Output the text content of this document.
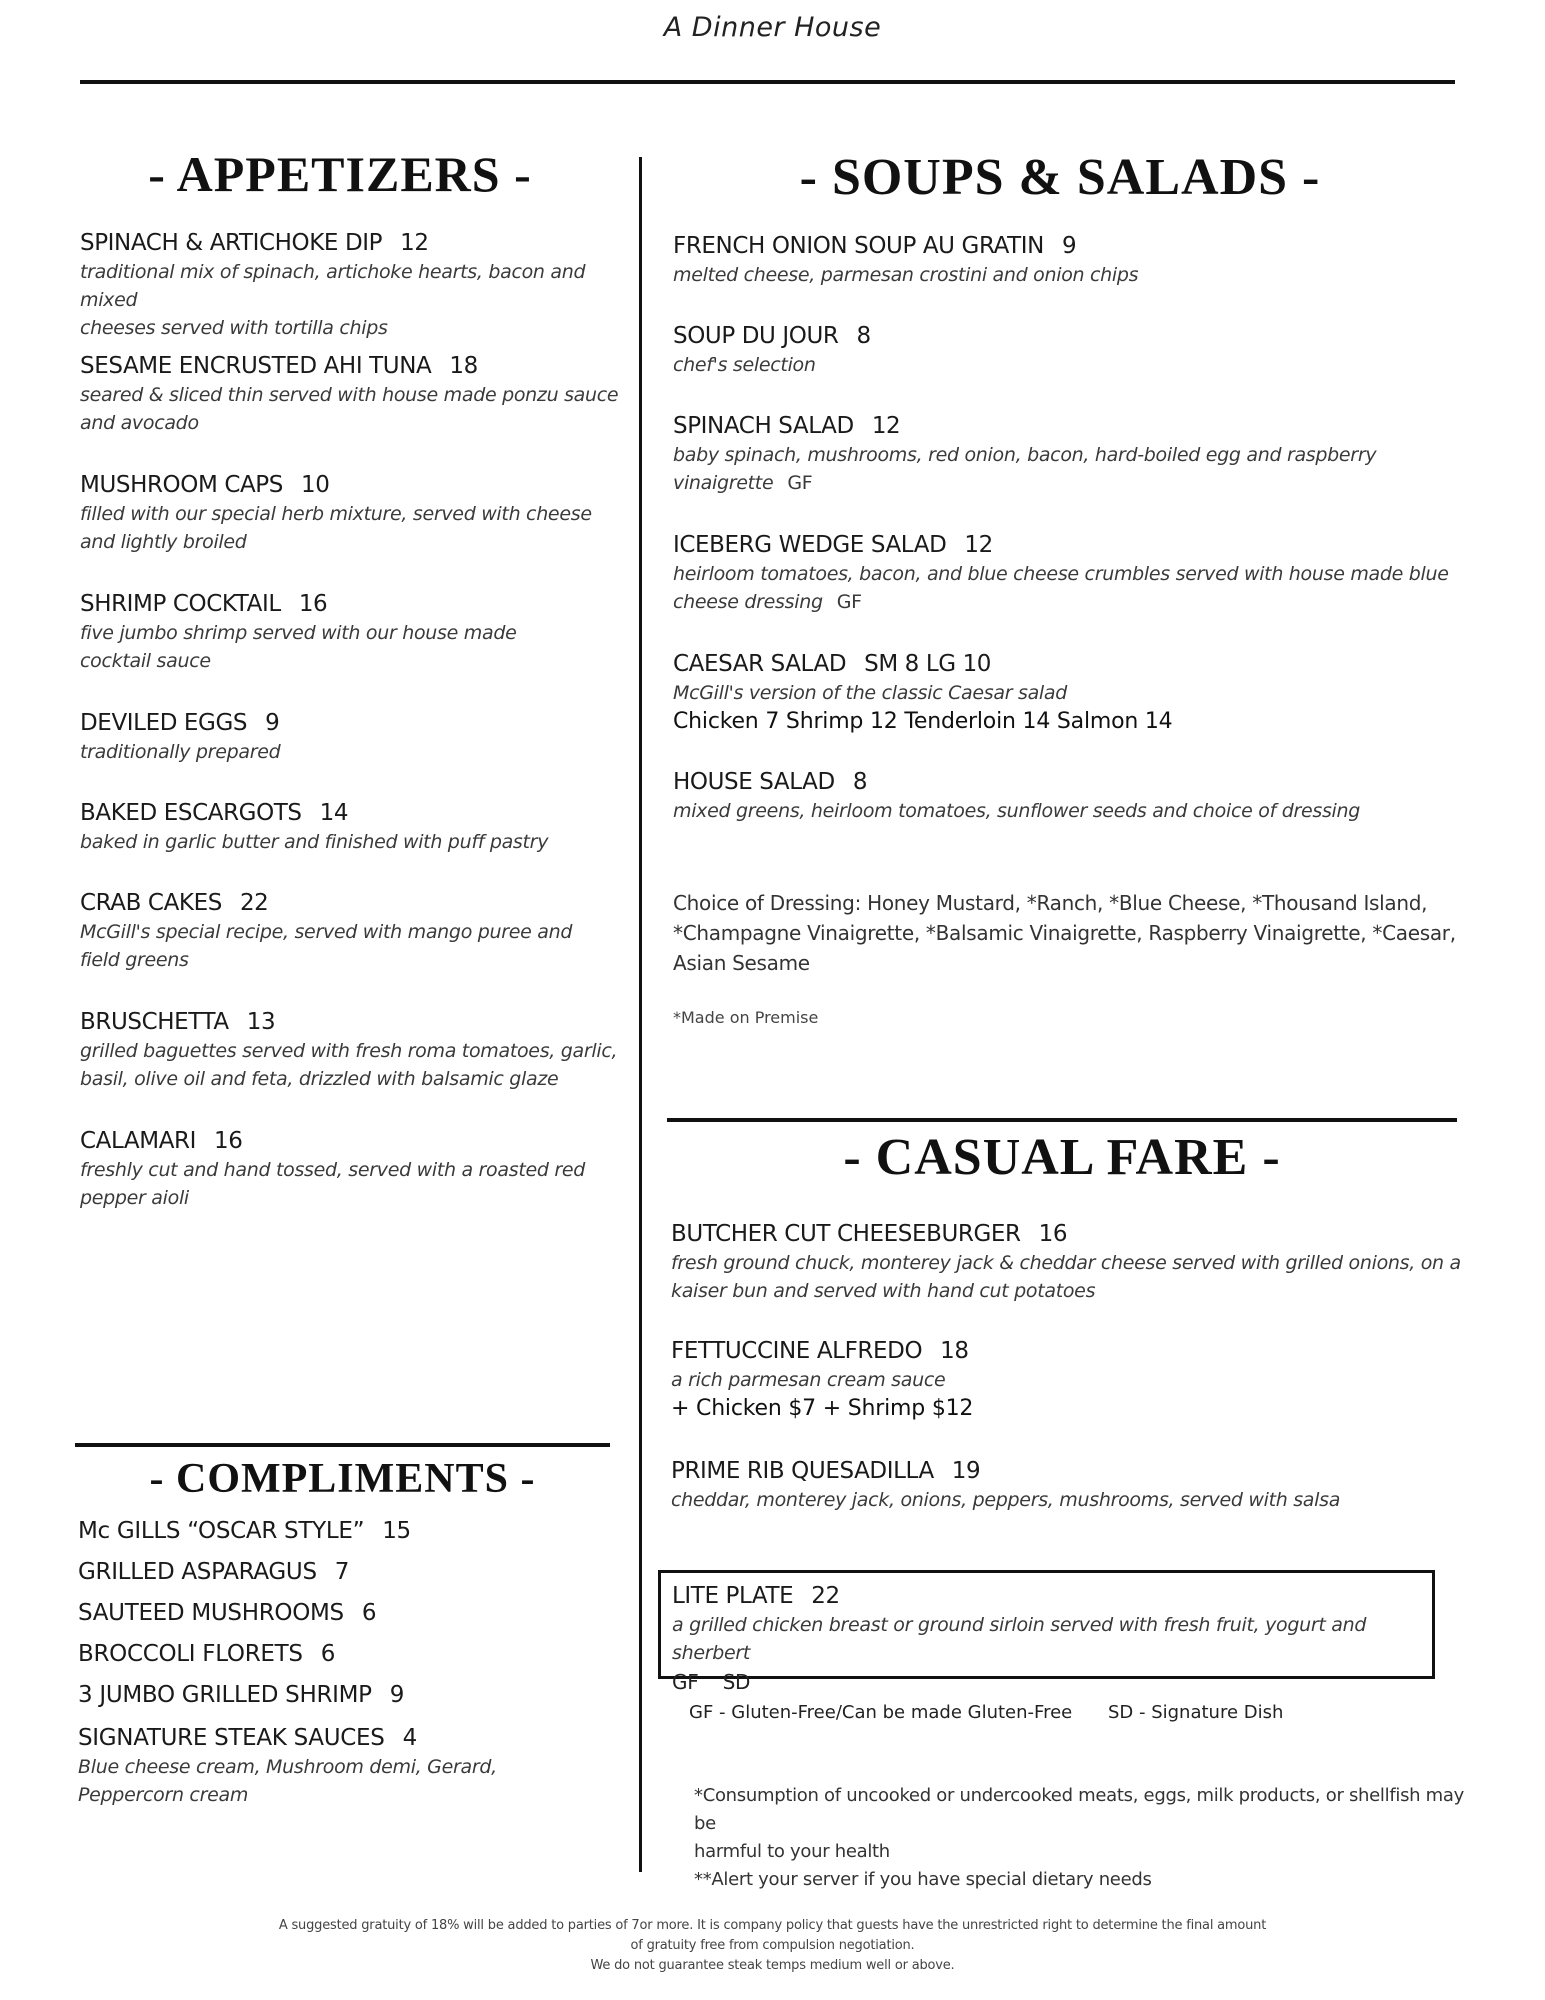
A Dinner House
- APPETIZERS -
SPINACH & ARTICHOKE DIP 12
traditional mix of spinach, artichoke hearts, bacon and mixed
cheeses served with tortilla chips
SESAME ENCRUSTED AHI TUNA 18
seared & sliced thin served with house made ponzu sauce
and avocado
MUSHROOM CAPS 10
filled with our special herb mixture, served with cheese
and lightly broiled
SHRIMP COCKTAIL 16
five jumbo shrimp served with our house made
cocktail sauce
DEVILED EGGS 9
traditionally prepared
BAKED ESCARGOTS 14
baked in garlic butter and finished with puff pastry
CRAB CAKES 22
McGill's special recipe, served with mango puree and
field greens
BRUSCHETTA 13
grilled baguettes served with fresh roma tomatoes, garlic,
basil, olive oil and feta, drizzled with balsamic glaze
CALAMARI 16
freshly cut and hand tossed, served with a roasted red
pepper aioli
- COMPLIMENTS -
Mc GILLS “OSCAR STYLE” 15
GRILLED ASPARAGUS 7
SAUTEED MUSHROOMS 6
BROCCOLI FLORETS 6
3 JUMBO GRILLED SHRIMP 9
SIGNATURE STEAK SAUCES 4
Blue cheese cream, Mushroom demi, Gerard,
Peppercorn cream
- SOUPS & SALADS -
FRENCH ONION SOUP AU GRATIN 9
melted cheese, parmesan crostini and onion chips
SOUP DU JOUR 8
chef's selection
SPINACH SALAD 12
baby spinach, mushrooms, red onion, bacon, hard-boiled egg and raspberry
vinaigrette GF
ICEBERG WEDGE SALAD 12
heirloom tomatoes, bacon, and blue cheese crumbles served with house made blue
cheese dressing GF
CAESAR SALAD SM 8 LG 10
McGill's version of the classic Caesar salad
Chicken 7 Shrimp 12 Tenderloin 14 Salmon 14
HOUSE SALAD 8
mixed greens, heirloom tomatoes, sunflower seeds and choice of dressing
Choice of Dressing: Honey Mustard, *Ranch, *Blue Cheese, *Thousand Island,
*Champagne Vinaigrette, *Balsamic Vinaigrette, Raspberry Vinaigrette, *Caesar,
Asian Sesame
*Made on Premise
- CASUAL FARE -
BUTCHER CUT CHEESEBURGER 16
fresh ground chuck, monterey jack & cheddar cheese served with grilled onions, on a
kaiser bun and served with hand cut potatoes
FETTUCCINE ALFREDO 18
a rich parmesan cream sauce
+ Chicken $7 + Shrimp $12
PRIME RIB QUESADILLA 19
cheddar, monterey jack, onions, peppers, mushrooms, served with salsa
LITE PLATE 22
a grilled chicken breast or ground sirloin served with fresh fruit, yogurt and sherbert
GF    SD
GF - Gluten-Free/Can be made Gluten-Free SD - Signature Dish
*Consumption of uncooked or undercooked meats, eggs, milk products, or shellfish may be
harmful to your health
**Alert your server if you have special dietary needs
A suggested gratuity of 18% will be added to parties of 7or more. It is company policy that guests have the unrestricted right to determine the final amount
of gratuity free from compulsion negotiation.
We do not guarantee steak temps medium well or above.
